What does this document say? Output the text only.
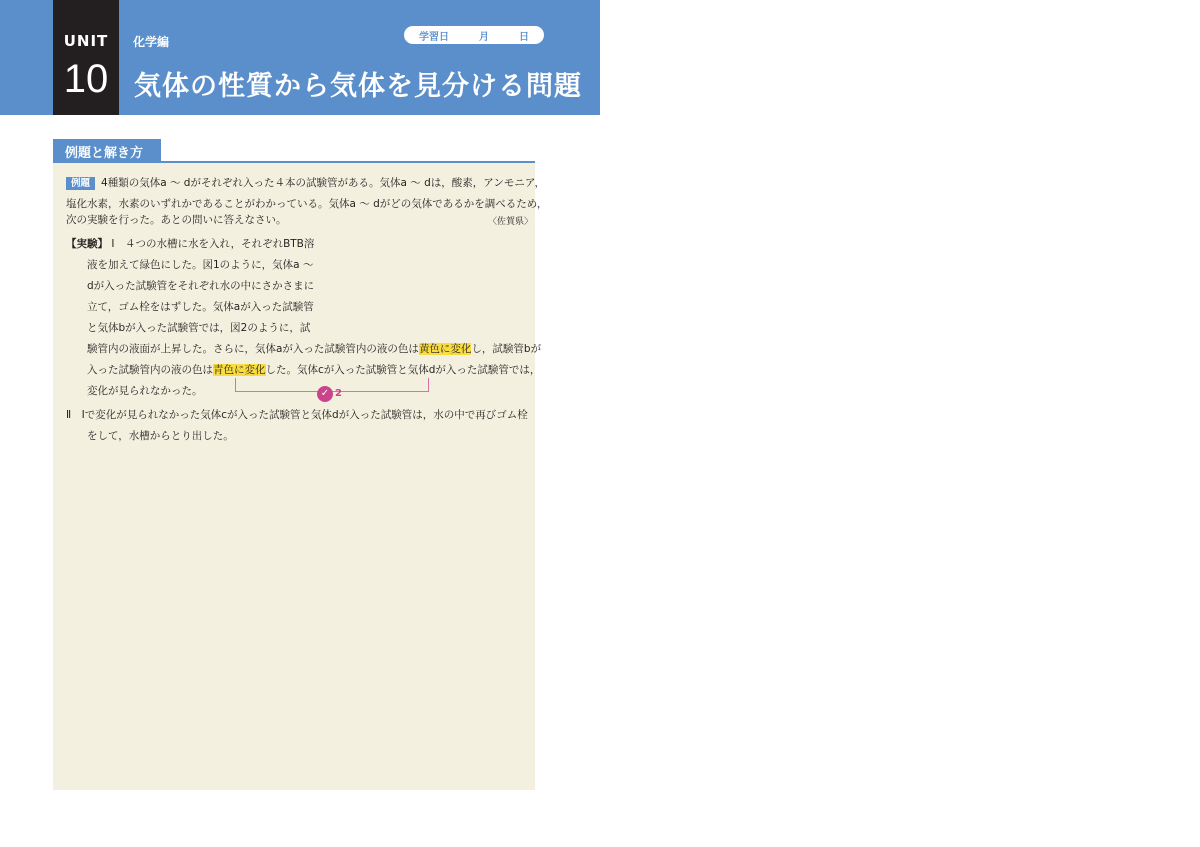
UNIT
10
化学編	学習日	月	日
気体の性質から気体を見分ける問題
例題と解き方
例題 4種類の気体a ～ dがそれぞれ入った４本の試験管がある。気体a ～ dは，酸素，アンモニア，
塩化水素，水素のいずれかであることがわかっている。気体a ～ dがどの気体であるかを調べるため，
次の実験を行った。あとの問いに答えなさい。	〈佐賀県〉
【実験】 Ⅰ　４つの水槽に水を入れ，それぞれBTB溶
液を加えて緑色にした。図1のように，気体a ～
dが入った試験管をそれぞれ水の中にさかさまに
立て，ゴム栓をはずした。気体aが入った試験管
と気体bが入った試験管では，図2のように，試
験管内の液面が上昇した。さらに，気体aが入った試験管内の液の色は黄色に変化し，試験管bが
入った試験管内の液の色は青色に変化した。気体cが入った試験管と気体dが入った試験管では，
変化が見られなかった。	✓ 2
Ⅱ　Ⅰで変化が見られなかった気体cが入った試験管と気体dが入った試験管は，水の中で再びゴム栓
をして，水槽からとり出した。
